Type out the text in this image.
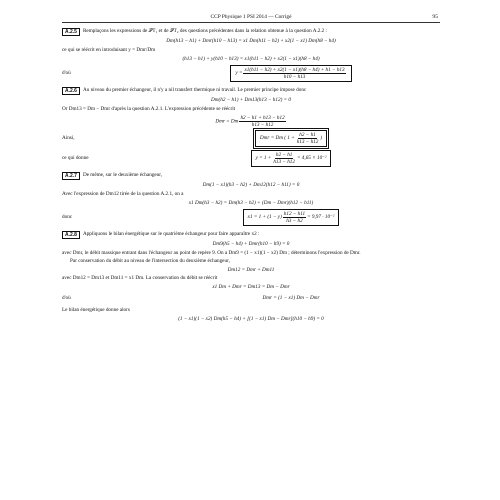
CCP Physique 1 PSI 2014 — Corrigé	95
A.2.5	Remplaçons les expressions de 𝒫T₁ et de 𝒫T₂ des questions précédentes dans la relation obtenue à la question A.2.2 :
Dm(h13 − h1) + Dmr(h10 − h13) = x1 Dm(h11 − h2) + x2(1 − x1) Dm(h8 − h4)
ce qui se réécrit en introduisant y = Dmr/Dm
(h13 − h1) + y(h10 − h13) = x1(h11 − h2) + x2(1 − x1)(h8 − h4)
d'où	$y = \frac{x1(h11 - h2) + x2(1 - x1)(h8 - h4) + h1 - h13}{h10 - h13}$
A.2.6	Au niveau du premier échangeur, il n'y a nil transfert thermique ni travail. Le premier principe impose donc
Dm(h2 − h1) + Dm13(h13 − h12) = 0
Or Dm13 = Dm − Dmr d'après la question A.2.1. L'expression précédente se réécrit
Dmr = Dm $\frac{h2 - h1 + h13 - h12}{h13 - h12}$
Ainsi,	Dmr = Dm ( $1 + \frac{h2 - h1}{h13 - h12}$ )
ce qui donne	$y = 1 + \frac{h2 - h1}{h13 - h12} = 4,65 \times 10^{-2}$
A.2.7	De même, sur le deuxième échangeur,
Dm(1 − x1)(h3 − h2) + Dm12(h12 − h11) = 0
Avec l'expression de Dm12 tirée de la question A.2.1, on a
x1 Dm(h3 − h2) = Dm(h3 − h2) + (Dm − Dmr)(h12 − h11)
donc	$x1 = 1 + (1 - y) \frac{h12 - h11}{h3 - h2} = 9,97 \cdot 10^{-2}$
A.2.8	Appliquons le bilan énergétique sur le quatrième échangeur pour faire apparaître x2 :
Dm9(h5 − h4) + Dmr(h10 − h9) = 0
avec Dmr, le débit massique entrant dans l'échangeur au point de repère 9. On a Dm9 = (1 − x1)(1 − x2) Dm ; déterminons l'expression de Dmr.
Par conservation du débit au niveau de l'intersection du deuxième échangeur,
Dm12 = Dmr + Dm11
avec Dm12 = Dm13 et Dm11 = x1 Dm. La conservation du débit se réécrit
x1 Dm + Dmr = Dm13 = Dm − Dmr
d'où	Dmr = (1 − x1) Dm − Dmr
Le bilan énergétique donne alors
(1 − x1)(1 − x2) Dm(h5 − h4) + [(1 − x1) Dm − Dmr](h10 − h9) = 0
